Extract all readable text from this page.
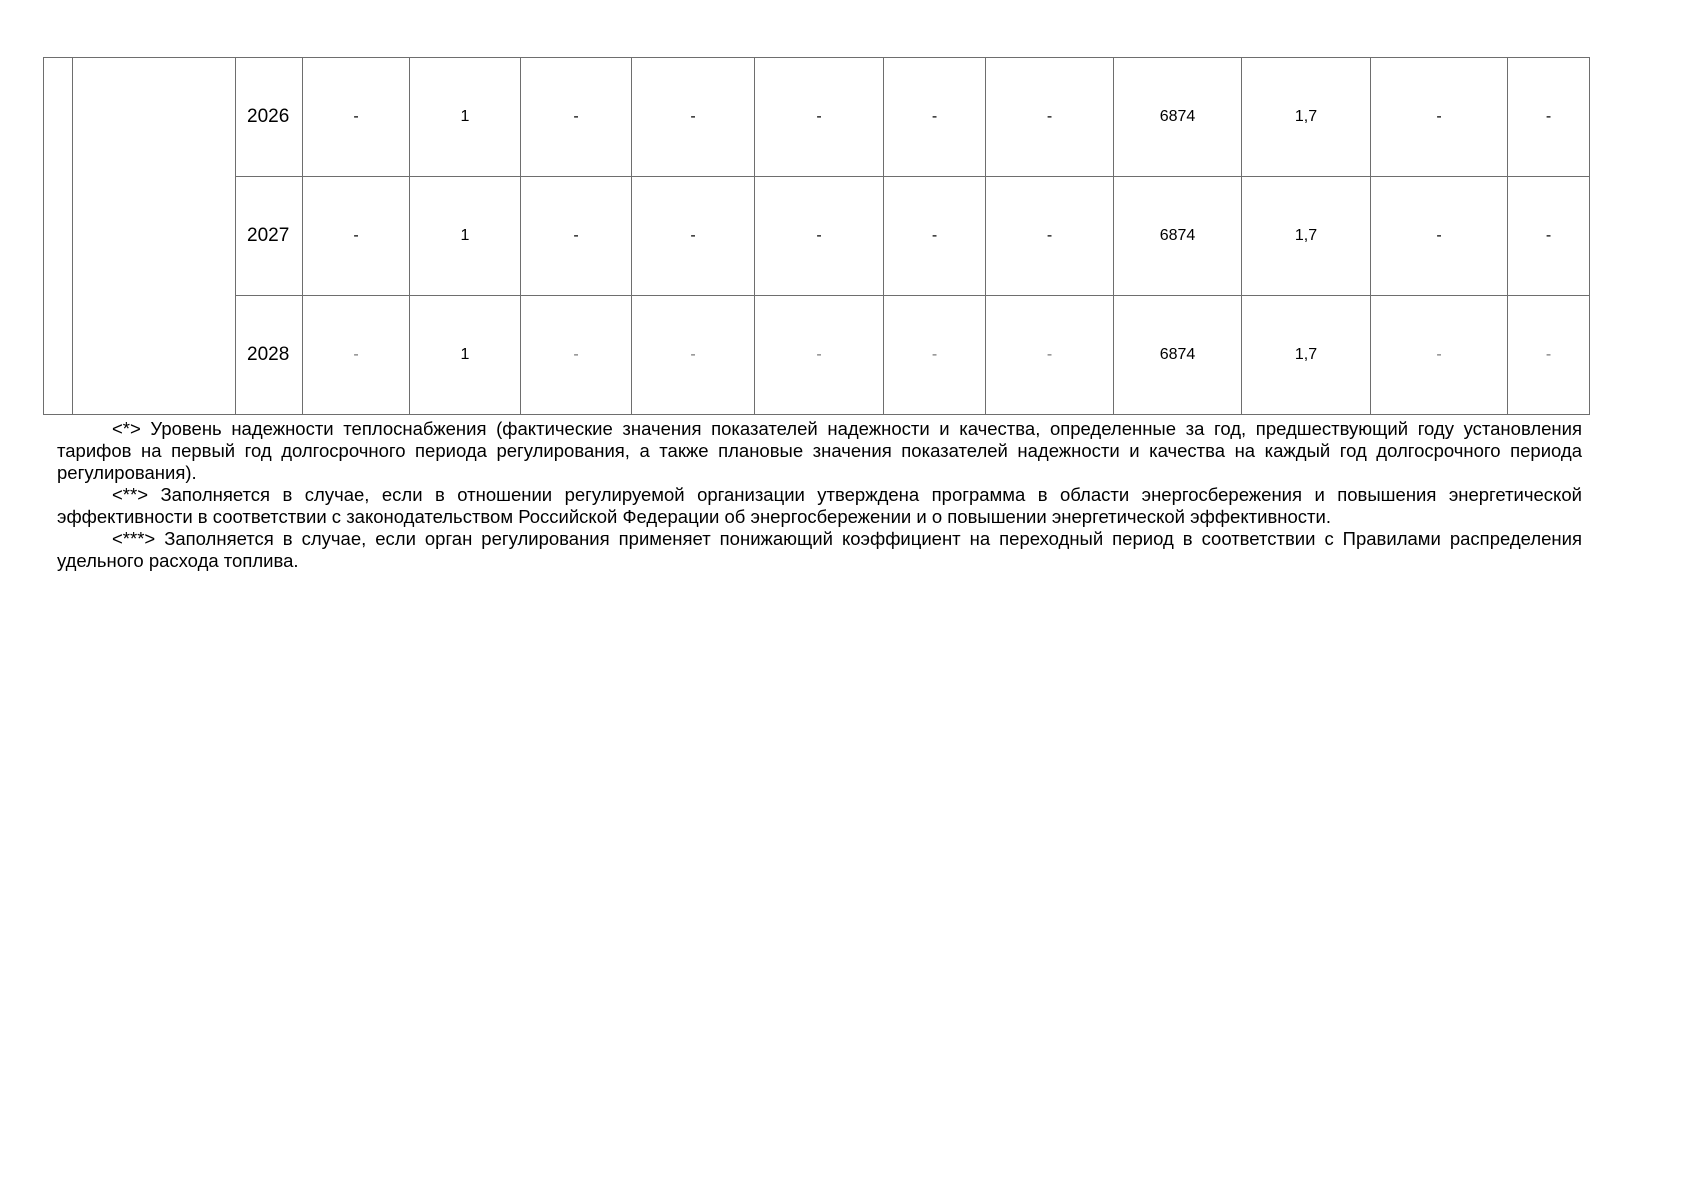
		2026	-	1	-	-	-	-	-	6874	1,7	-	-
		2027	-	1	-	-	-	-	-	6874	1,7	-	-
		2028	-	1	-	-	-	-	-	6874	1,7	-	-

<*> Уровень надежности теплоснабжения (фактические значения показателей надежности и качества, определенные за год, предшествующий году установления тарифов на первый год долгосрочного периода регулирования, а также плановые значения показателей надежности и качества на каждый год долгосрочного периода регулирования).

<**> Заполняется в случае, если в отношении регулируемой организации утверждена программа в области энергосбережения и повышения энергетической эффективности в соответствии с законодательством Российской Федерации об энергосбережении и о повышении энергетической эффективности.

<***> Заполняется в случае, если орган регулирования применяет понижающий коэффициент на переходный период в соответствии с Правилами распределения удельного расхода топлива.
